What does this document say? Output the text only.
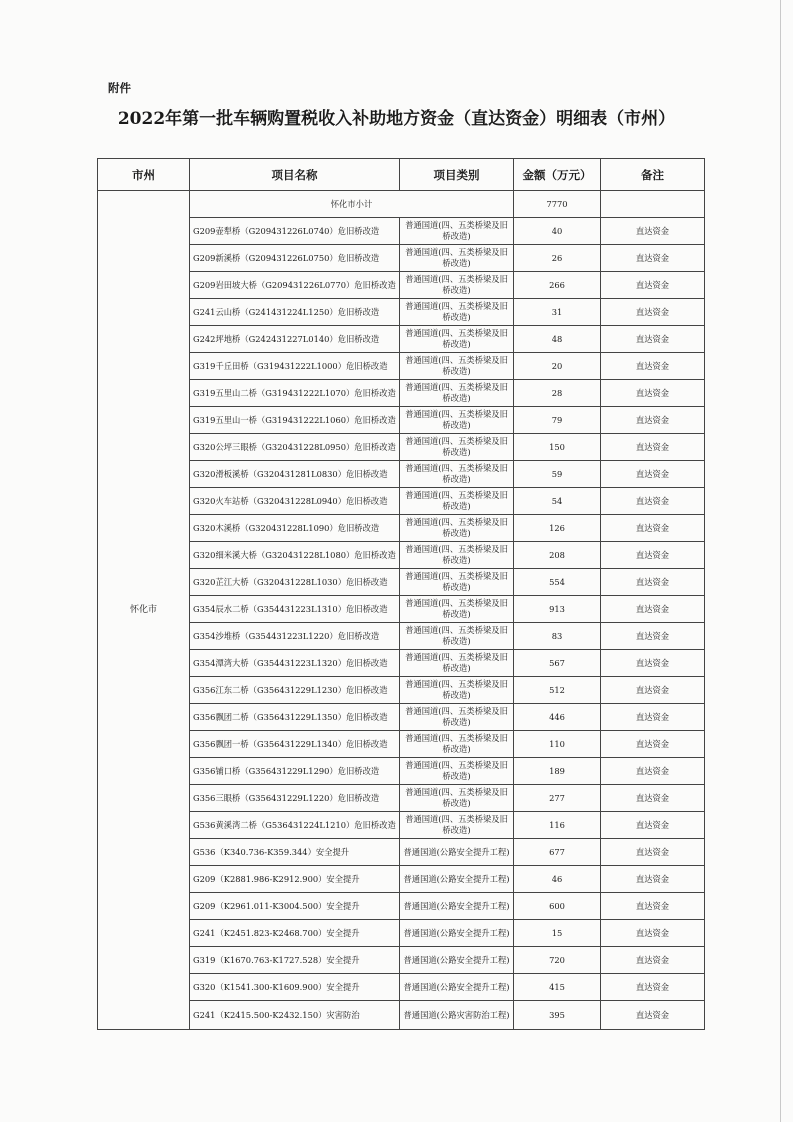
附件
2022年第一批车辆购置税收入补助地方资金（直达资金）明细表（市州）
市州	项目名称	项目类别	金额（万元）	备注
怀化市	怀化市小计		7770	
	G209壶犁桥（G209431226L0740）危旧桥改造	普通国道(四、五类桥梁及旧桥改造)	40	直达资金
	G209新溪桥（G209431226L0750）危旧桥改造	普通国道(四、五类桥梁及旧桥改造)	26	直达资金
	G209岩田坡大桥（G209431226L0770）危旧桥改造	普通国道(四、五类桥梁及旧桥改造)	266	直达资金
	G241云山桥（G241431224L1250）危旧桥改造	普通国道(四、五类桥梁及旧桥改造)	31	直达资金
	G242坪地桥（G242431227L0140）危旧桥改造	普通国道(四、五类桥梁及旧桥改造)	48	直达资金
	G319千丘田桥（G319431222L1000）危旧桥改造	普通国道(四、五类桥梁及旧桥改造)	20	直达资金
	G319五里山二桥（G319431222L1070）危旧桥改造	普通国道(四、五类桥梁及旧桥改造)	28	直达资金
	G319五里山一桥（G319431222L1060）危旧桥改造	普通国道(四、五类桥梁及旧桥改造)	79	直达资金
	G320公坪三眼桥（G320431228L0950）危旧桥改造	普通国道(四、五类桥梁及旧桥改造)	150	直达资金
	G320滑板溪桥（G320431281L0830）危旧桥改造	普通国道(四、五类桥梁及旧桥改造)	59	直达资金
	G320火车站桥（G320431228L0940）危旧桥改造	普通国道(四、五类桥梁及旧桥改造)	54	直达资金
	G320木溪桥（G320431228L1090）危旧桥改造	普通国道(四、五类桥梁及旧桥改造)	126	直达资金
	G320细米溪大桥（G320431228L1080）危旧桥改造	普通国道(四、五类桥梁及旧桥改造)	208	直达资金
	G320芷江大桥（G320431228L1030）危旧桥改造	普通国道(四、五类桥梁及旧桥改造)	554	直达资金
	G354辰水二桥（G354431223L1310）危旧桥改造	普通国道(四、五类桥梁及旧桥改造)	913	直达资金
	G354沙堆桥（G354431223L1220）危旧桥改造	普通国道(四、五类桥梁及旧桥改造)	83	直达资金
	G354潭湾大桥（G354431223L1320）危旧桥改造	普通国道(四、五类桥梁及旧桥改造)	567	直达资金
	G356江东二桥（G356431229L1230）危旧桥改造	普通国道(四、五类桥梁及旧桥改造)	512	直达资金
	G356飘团二桥（G356431229L1350）危旧桥改造	普通国道(四、五类桥梁及旧桥改造)	446	直达资金
	G356飘团一桥（G356431229L1340）危旧桥改造	普通国道(四、五类桥梁及旧桥改造)	110	直达资金
	G356铺口桥（G356431229L1290）危旧桥改造	普通国道(四、五类桥梁及旧桥改造)	189	直达资金
	G356三眼桥（G356431229L1220）危旧桥改造	普通国道(四、五类桥梁及旧桥改造)	277	直达资金
	G536黄溪湾二桥（G536431224L1210）危旧桥改造	普通国道(四、五类桥梁及旧桥改造)	116	直达资金
	G536（K340.736-K359.344）安全提升	普通国道(公路安全提升工程)	677	直达资金
	G209（K2881.986-K2912.900）安全提升	普通国道(公路安全提升工程)	46	直达资金
	G209（K2961.011-K3004.500）安全提升	普通国道(公路安全提升工程)	600	直达资金
	G241（K2451.823-K2468.700）安全提升	普通国道(公路安全提升工程)	15	直达资金
	G319（K1670.763-K1727.528）安全提升	普通国道(公路安全提升工程)	720	直达资金
	G320（K1541.300-K1609.900）安全提升	普通国道(公路安全提升工程)	415	直达资金
	G241（K2415.500-K2432.150）灾害防治	普通国道(公路灾害防治工程)	395	直达资金
